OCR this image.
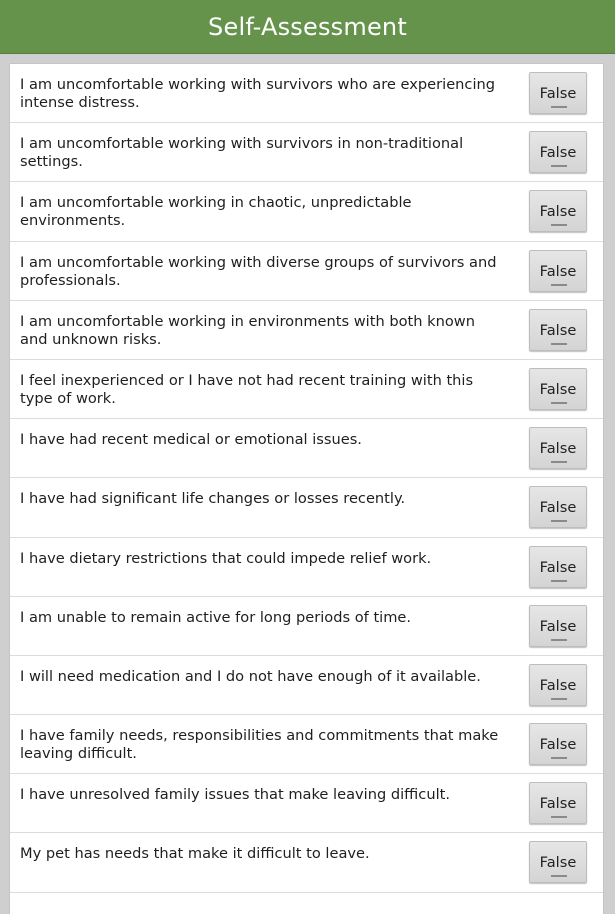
Self-Assessment
I am uncomfortable working with survivors who are experiencing intense distress.
False
I am uncomfortable working with survivors in non-traditional settings.
False
I am uncomfortable working in chaotic, unpredictable environments.
False
I am uncomfortable working with diverse groups of survivors and professionals.
False
I am uncomfortable working in environments with both known and unknown risks.
False
I feel inexperienced or I have not had recent training with this type of work.
False
I have had recent medical or emotional issues.
False
I have had significant life changes or losses recently.
False
I have dietary restrictions that could impede relief work.
False
I am unable to remain active for long periods of time.
False
I will need medication and I do not have enough of it available.
False
I have family needs, responsibilities and commitments that make leaving difficult.
False
I have unresolved family issues that make leaving difficult.
False
My pet has needs that make it difficult to leave.
False
